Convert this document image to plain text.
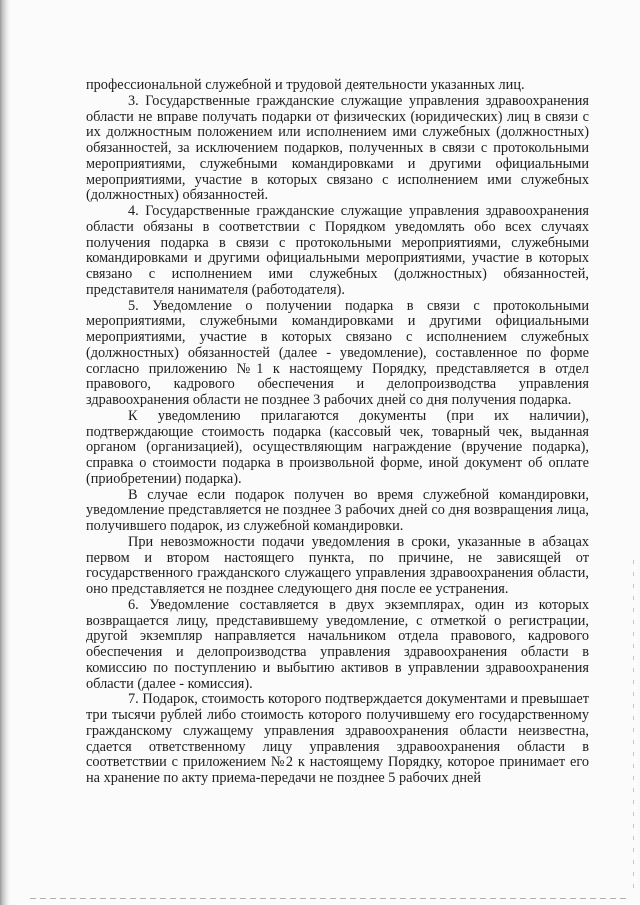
профессиональной служебной и трудовой деятельности указанных лиц.

3. Государственные гражданские служащие управления здравоохранения области не вправе получать подарки от физических (юридических) лиц в связи с их должностным положением или исполнением ими служебных (должностных) обязанностей, за исключением подарков, полученных в связи с протокольными мероприятиями, служебными командировками и другими официальными мероприятиями, участие в которых связано с исполнением ими служебных (должностных) обязанностей.

4. Государственные гражданские служащие управления здравоохранения области обязаны в соответствии с Порядком уведомлять обо всех случаях получения подарка в связи с протокольными мероприятиями, служебными командировками и другими официальными мероприятиями, участие в которых связано с исполнением ими служебных (должностных) обязанностей, представителя нанимателя (работодателя).

5. Уведомление о получении подарка в связи с протокольными мероприятиями, служебными командировками и другими официальными мероприятиями, участие в которых связано с исполнением служебных (должностных) обязанностей (далее - уведомление), составленное по форме согласно приложению №1 к настоящему Порядку, представляется в отдел правового, кадрового обеспечения и делопроизводства управления здравоохранения области не позднее 3 рабочих дней со дня получения подарка.

К уведомлению прилагаются документы (при их наличии), подтверждающие стоимость подарка (кассовый чек, товарный чек, выданная органом (организацией), осуществляющим награждение (вручение подарка), справка о стоимости подарка в произвольной форме, иной документ об оплате (приобретении) подарка).

В случае если подарок получен во время служебной командировки, уведомление представляется не позднее 3 рабочих дней со дня возвращения лица, получившего подарок, из служебной командировки.

При невозможности подачи уведомления в сроки, указанные в абзацах первом и втором настоящего пункта, по причине, не зависящей от государственного гражданского служащего управления здравоохранения области, оно представляется не позднее следующего дня после ее устранения.

6. Уведомление составляется в двух экземплярах, один из которых возвращается лицу, представившему уведомление, с отметкой о регистрации, другой экземпляр направляется начальником отдела правового, кадрового обеспечения и делопроизводства управления здравоохранения области в комиссию по поступлению и выбытию активов в управлении здравоохранения области (далее - комиссия).

7. Подарок, стоимость которого подтверждается документами и превышает три тысячи рублей либо стоимость которого получившему его государственному гражданскому служащему управления здравоохранения области неизвестна, сдается ответственному лицу управления здравоохранения области в соответствии с приложением №2 к настоящему Порядку, которое принимает его на хранение по акту приема-передачи не позднее 5 рабочих дней
